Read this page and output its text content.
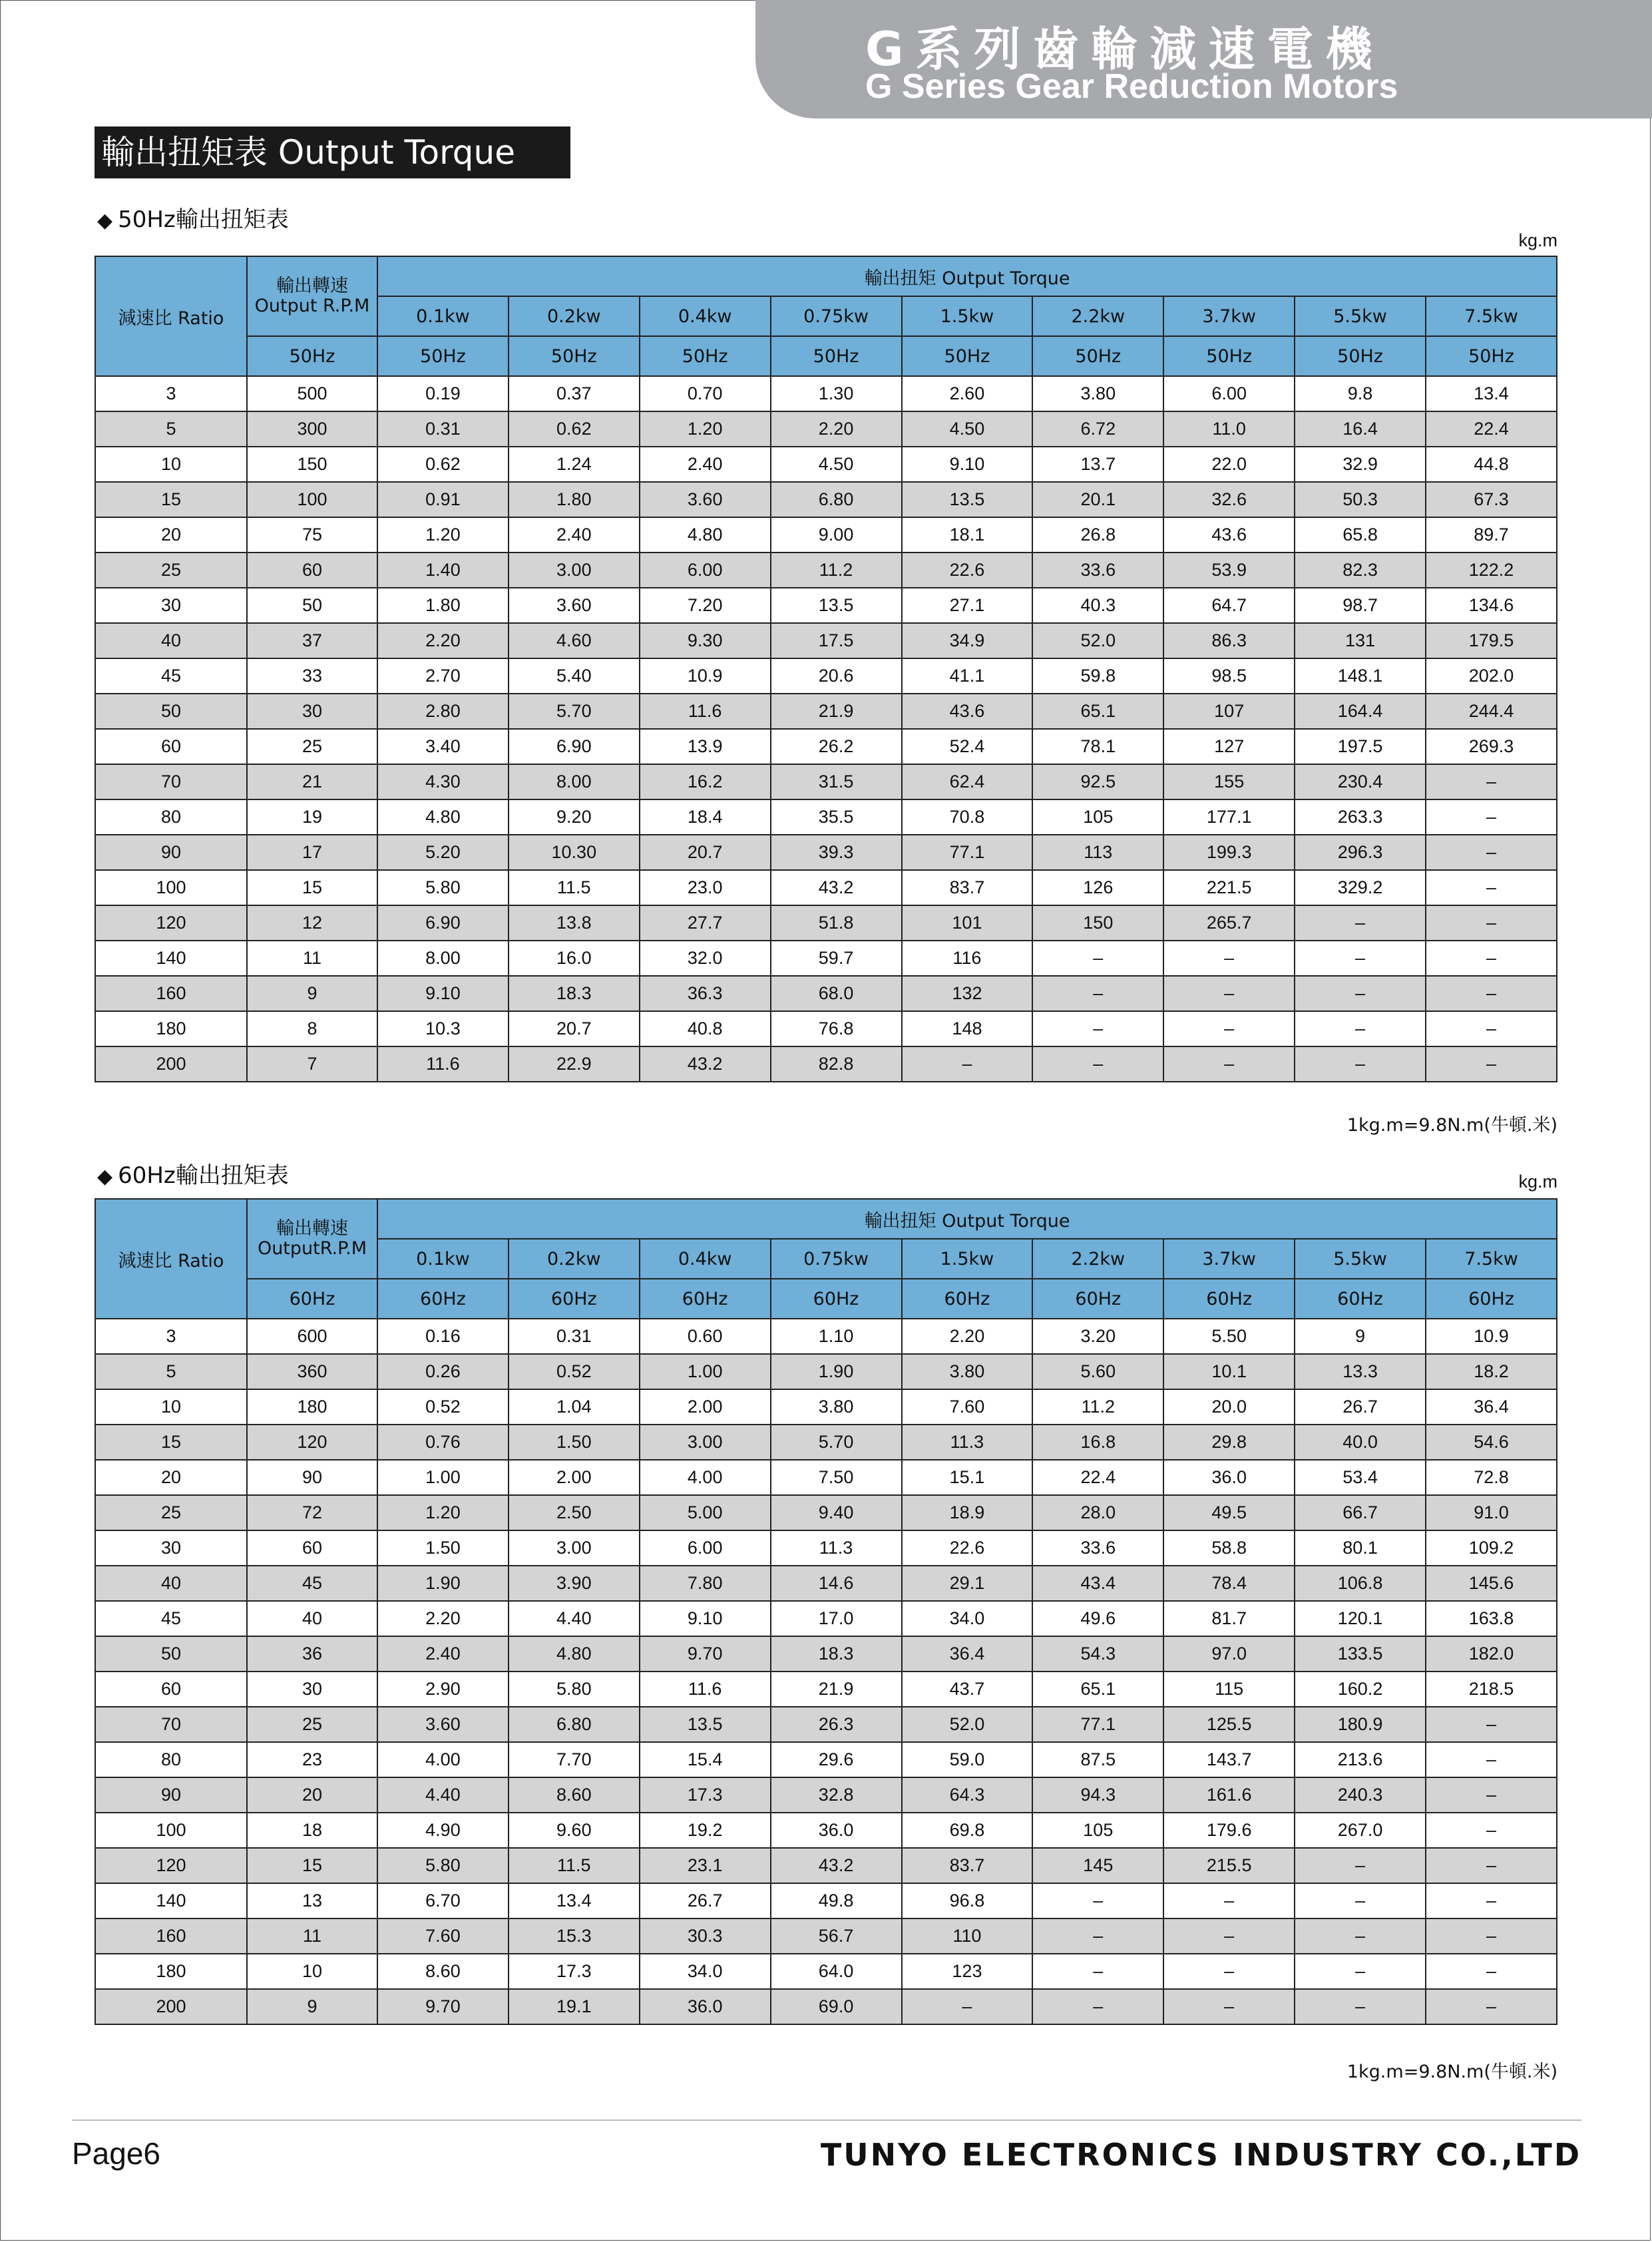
G系列齒輪減速電機
G Series Gear Reduction Motors
輸出扭矩表 Output Torque
◆ 50Hz輸出扭矩表
kg.m
減速比 Ratio	輸出轉速
Output R.P.M	輸出扭矩 Output Torque								
		0.1kw	0.2kw	0.4kw	0.75kw	1.5kw	2.2kw	3.7kw	5.5kw	7.5kw
	50Hz	50Hz	50Hz	50Hz	50Hz	50Hz	50Hz	50Hz	50Hz	50Hz
3	500	0.19	0.37	0.70	1.30	2.60	3.80	6.00	9.8	13.4
5	300	0.31	0.62	1.20	2.20	4.50	6.72	11.0	16.4	22.4
10	150	0.62	1.24	2.40	4.50	9.10	13.7	22.0	32.9	44.8
15	100	0.91	1.80	3.60	6.80	13.5	20.1	32.6	50.3	67.3
20	75	1.20	2.40	4.80	9.00	18.1	26.8	43.6	65.8	89.7
25	60	1.40	3.00	6.00	11.2	22.6	33.6	53.9	82.3	122.2
30	50	1.80	3.60	7.20	13.5	27.1	40.3	64.7	98.7	134.6
40	37	2.20	4.60	9.30	17.5	34.9	52.0	86.3	131	179.5
45	33	2.70	5.40	10.9	20.6	41.1	59.8	98.5	148.1	202.0
50	30	2.80	5.70	11.6	21.9	43.6	65.1	107	164.4	244.4
60	25	3.40	6.90	13.9	26.2	52.4	78.1	127	197.5	269.3
70	21	4.30	8.00	16.2	31.5	62.4	92.5	155	230.4	–
80	19	4.80	9.20	18.4	35.5	70.8	105	177.1	263.3	–
90	17	5.20	10.30	20.7	39.3	77.1	113	199.3	296.3	–
100	15	5.80	11.5	23.0	43.2	83.7	126	221.5	329.2	–
120	12	6.90	13.8	27.7	51.8	101	150	265.7	–	–
140	11	8.00	16.0	32.0	59.7	116	–	–	–	–
160	9	9.10	18.3	36.3	68.0	132	–	–	–	–
180	8	10.3	20.7	40.8	76.8	148	–	–	–	–
200	7	11.6	22.9	43.2	82.8	–	–	–	–	–
1kg.m=9.8N.m(牛頓.米)
◆ 60Hz輸出扭矩表	kg.m
減速比 Ratio	輸出轉速
OutputR.P.M	輸出扭矩 Output Torque								
		0.1kw	0.2kw	0.4kw	0.75kw	1.5kw	2.2kw	3.7kw	5.5kw	7.5kw
	60Hz	60Hz	60Hz	60Hz	60Hz	60Hz	60Hz	60Hz	60Hz	60Hz
3	600	0.16	0.31	0.60	1.10	2.20	3.20	5.50	9	10.9
5	360	0.26	0.52	1.00	1.90	3.80	5.60	10.1	13.3	18.2
10	180	0.52	1.04	2.00	3.80	7.60	11.2	20.0	26.7	36.4
15	120	0.76	1.50	3.00	5.70	11.3	16.8	29.8	40.0	54.6
20	90	1.00	2.00	4.00	7.50	15.1	22.4	36.0	53.4	72.8
25	72	1.20	2.50	5.00	9.40	18.9	28.0	49.5	66.7	91.0
30	60	1.50	3.00	6.00	11.3	22.6	33.6	58.8	80.1	109.2
40	45	1.90	3.90	7.80	14.6	29.1	43.4	78.4	106.8	145.6
45	40	2.20	4.40	9.10	17.0	34.0	49.6	81.7	120.1	163.8
50	36	2.40	4.80	9.70	18.3	36.4	54.3	97.0	133.5	182.0
60	30	2.90	5.80	11.6	21.9	43.7	65.1	115	160.2	218.5
70	25	3.60	6.80	13.5	26.3	52.0	77.1	125.5	180.9	–
80	23	4.00	7.70	15.4	29.6	59.0	87.5	143.7	213.6	–
90	20	4.40	8.60	17.3	32.8	64.3	94.3	161.6	240.3	–
100	18	4.90	9.60	19.2	36.0	69.8	105	179.6	267.0	–
120	15	5.80	11.5	23.1	43.2	83.7	145	215.5	–	–
140	13	6.70	13.4	26.7	49.8	96.8	–	–	–	–
160	11	7.60	15.3	30.3	56.7	110	–	–	–	–
180	10	8.60	17.3	34.0	64.0	123	–	–	–	–
200	9	9.70	19.1	36.0	69.0	–	–	–	–	–
1kg.m=9.8N.m(牛頓.米)
Page6	TUNYO ELECTRONICS INDUSTRY CO.,LTD
